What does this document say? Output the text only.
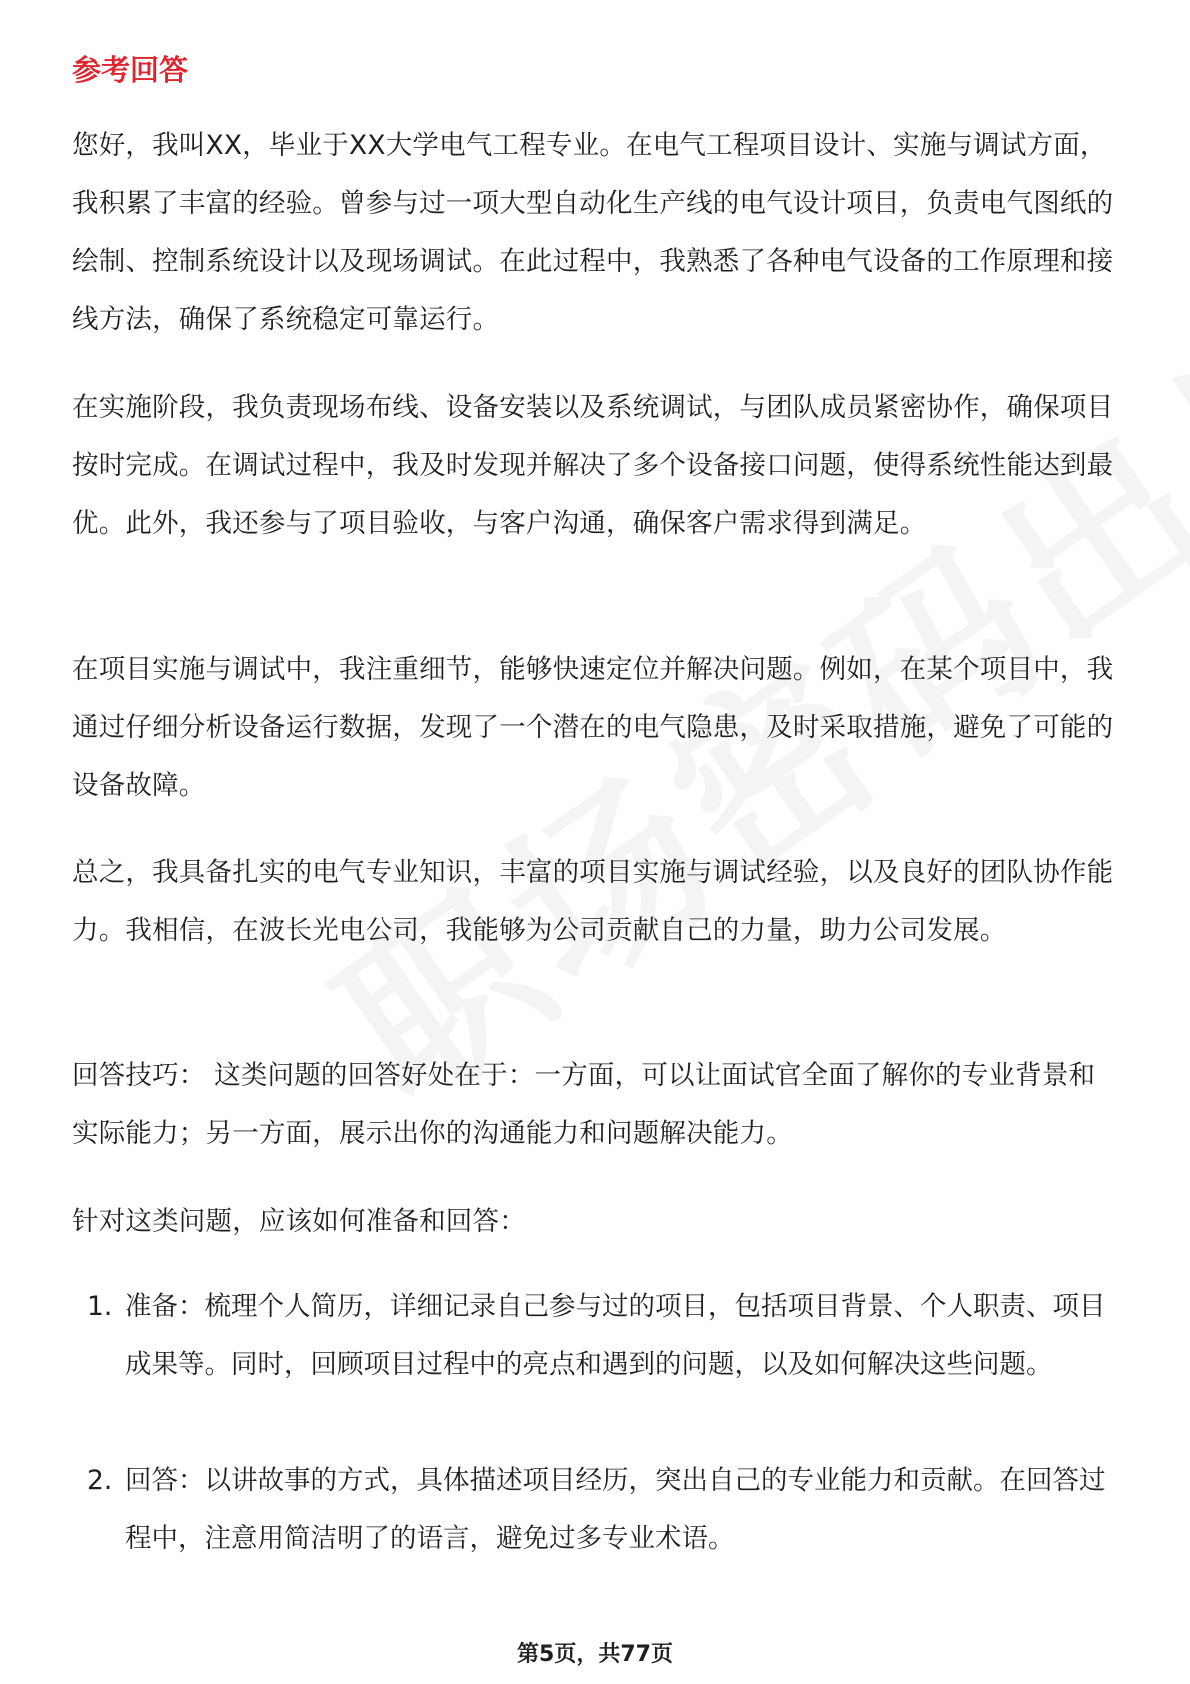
参考回答

您好，我叫XX，毕业于XX大学电气工程专业。在电气工程项目设计、实施与调试方面，我积累了丰富的经验。曾参与过一项大型自动化生产线的电气设计项目，负责电气图纸的绘制、控制系统设计以及现场调试。在此过程中，我熟悉了各种电气设备的工作原理和接线方法，确保了系统稳定可靠运行。

在实施阶段，我负责现场布线、设备安装以及系统调试，与团队成员紧密协作，确保项目按时完成。在调试过程中，我及时发现并解决了多个设备接口问题，使得系统性能达到最优。此外，我还参与了项目验收，与客户沟通，确保客户需求得到满足。

在项目实施与调试中，我注重细节，能够快速定位并解决问题。例如，在某个项目中，我通过仔细分析设备运行数据，发现了一个潜在的电气隐患，及时采取措施，避免了可能的设备故障。

总之，我具备扎实的电气专业知识，丰富的项目实施与调试经验，以及良好的团队协作能力。我相信，在波长光电公司，我能够为公司贡献自己的力量，助力公司发展。

回答技巧： 这类问题的回答好处在于：一方面，可以让面试官全面了解你的专业背景和实际能力；另一方面，展示出你的沟通能力和问题解决能力。

针对这类问题，应该如何准备和回答：

1. 准备：梳理个人简历，详细记录自己参与过的项目，包括项目背景、个人职责、项目成果等。同时，回顾项目过程中的亮点和遇到的问题，以及如何解决这些问题。
2. 回答：以讲故事的方式，具体描述项目经历，突出自己的专业能力和贡献。在回答过程中，注意用简洁明了的语言，避免过多专业术语。
第5页，共77页
